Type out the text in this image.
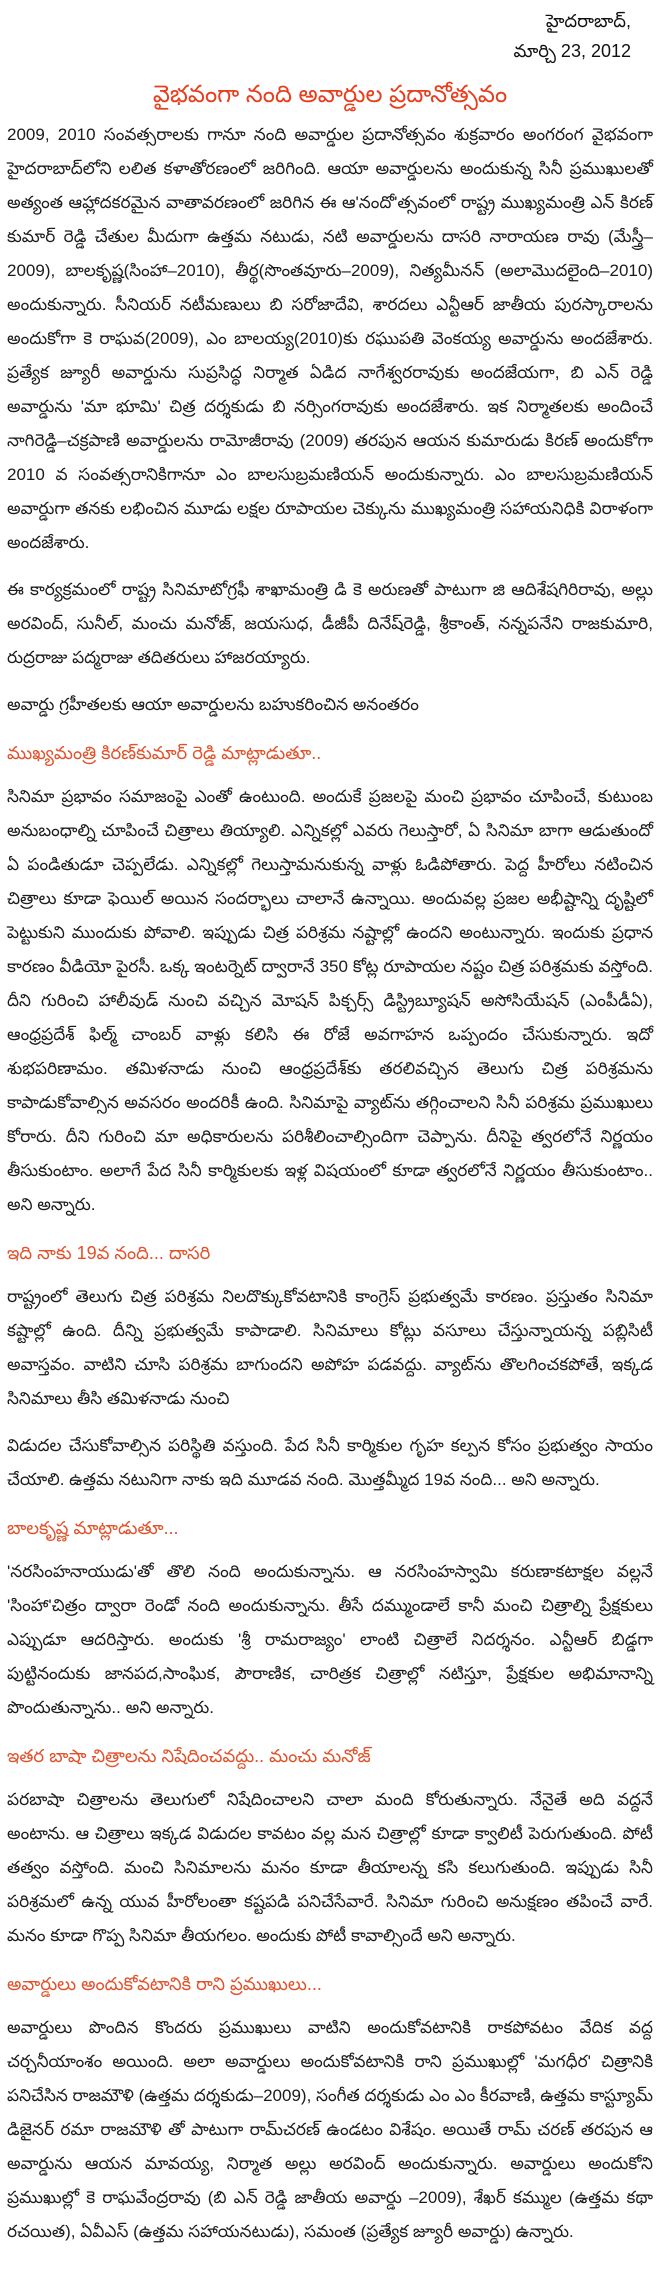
హైదరాబాద్,
మార్చి 23, 2012
వైభవంగా నంది అవార్డుల ప్రదానోత్సవం

2009, 2010 సంవత్సరాలకు గానూ నంది అవార్డుల ప్రదానోత్సవం శుక్రవారం అంగరంగ వైభవంగా హైదరాబాద్‌లోని లలిత కళాతోరణంలో జరిగింది. ఆయా అవార్డులను అందుకున్న సినీ ప్రముఖులతో అత్యంత ఆహ్లాదకరమైన వాతావరణంలో జరిగిన ఈ ఆ'నందో'త్సవంలో రాష్ట్ర ముఖ్యమంత్రి ఎన్ కిరణ్ కుమార్ రెడ్డి చేతుల మీదుగా ఉత్తమ నటుడు, నటి అవార్డులను దాసరి నారాయణ రావు (మేస్త్రీ–2009), బాలకృష్ణ(సింహా–2010), తీర్థ(సొంతవూరు–2009), నిత్యమీనన్ (అలామొదలైంది–2010) అందుకున్నారు. సీనియర్ నటీమణులు బి సరోజాదేవి, శారదలు ఎన్టీఆర్ జాతీయ పురస్కారాలను అందుకోగా కె రాఘవ(2009), ఎం బాలయ్య(2010)కు రఘుపతి వెంకయ్య అవార్డును అందజేశారు. ప్రత్యేక జ్యూరీ అవార్డును సుప్రసిద్ధ నిర్మాత ఏడిద నాగేశ్వరరావుకు అందజేయగా, బి ఎన్ రెడ్డి అవార్డును 'మా భూమి' చిత్ర దర్శకుడు బి నర్సింగరావుకు అందజేశారు. ఇక నిర్మాతలకు అందించే నాగిరెడ్డి–చక్రపాణి అవార్డులను రామోజీరావు (2009) తరపున ఆయన కుమారుడు కిరణ్ అందుకోగా 2010 వ సంవత్సరానికిగానూ ఎం బాలసుబ్రమణియన్ అందుకున్నారు. ఎం బాలసుబ్రమణియన్ అవార్డుగా తనకు లభించిన మూడు లక్షల రూపాయల చెక్కును ముఖ్యమంత్రి సహాయనిధికి విరాళంగా అందజేశారు.

ఈ కార్యక్రమంలో రాష్ట్ర సినిమాటోగ్రఫీ శాఖామంత్రి డి కె అరుణతో పాటుగా జి ఆదిశేషగిరిరావు, అల్లు అరవింద్, సునీల్, మంచు మనోజ్, జయసుధ, డీజీపీ దినేష్‌రెడ్డి, శ్రీకాంత్, నన్నపనేని రాజకుమారి, రుద్రరాజు పద్మరాజు తదితరులు హాజరయ్యారు.

అవార్డు గ్రహీతలకు ఆయా అవార్డులను బహుకరించిన అనంతరం

ముఖ్యమంత్రి కిరణ్‌కుమార్ రెడ్డి మాట్లాడుతూ..

సినిమా ప్రభావం సమాజంపై ఎంతో ఉంటుంది. అందుకే ప్రజలపై మంచి ప్రభావం చూపించే, కుటుంబ అనుబంధాల్ని చూపించే చిత్రాలు తియ్యాలి. ఎన్నికల్లో ఎవరు గెలుస్తారో, ఏ సినిమా బాగా ఆడుతుందో ఏ పండితుడూ చెప్పలేడు. ఎన్నికల్లో గెలుస్తామనుకున్న వాళ్లు ఓడిపోతారు. పెద్ద హీరోలు నటించిన చిత్రాలు కూడా ఫెయిల్ అయిన సందర్భాలు చాలానే ఉన్నాయి. అందువల్ల ప్రజల అభీష్టాన్ని దృష్టిలో పెట్టుకుని ముందుకు పోవాలి. ఇప్పుడు చిత్ర పరిశ్రమ నష్టాల్లో ఉందని అంటున్నారు. ఇందుకు ప్రధాన కారణం వీడియో పైరసీ. ఒక్క ఇంటర్నెట్ ద్వారానే 350 కోట్ల రూపాయల నష్టం చిత్ర పరిశ్రమకు వస్తోంది. దీని గురించి హాలీవుడ్ నుంచి వచ్చిన మోషన్ పిక్చర్స్ డిస్ట్రిబ్యూషన్ అసోసియేషన్ (ఎంపీడీఏ), ఆంధ్రప్రదేశ్ ఫిల్మ్ చాంబర్ వాళ్లు కలిసి ఈ రోజే అవగాహన ఒప్పందం చేసుకున్నారు. ఇదో శుభపరిణామం. తమిళనాడు నుంచి ఆంధ్రప్రదేశ్‌కు తరలివచ్చిన తెలుగు చిత్ర పరిశ్రమను కాపాడుకోవాల్సిన అవసరం అందరికీ ఉంది. సినిమాపై వ్యాట్‌ను తగ్గించాలని సినీ పరిశ్రమ ప్రముఖులు కోరారు. దీని గురించి మా అధికారులను పరిశీలించాల్సిందిగా చెప్పాను. దీనిపై త్వరలోనే నిర్ణయం తీసుకుంటాం. అలాగే పేద సినీ కార్మికులకు ఇళ్ల విషయంలో కూడా త్వరలోనే నిర్ణయం తీసుకుంటాం.. అని అన్నారు.

ఇది నాకు 19వ నంది... దాసరి

రాష్ట్రంలో తెలుగు చిత్ర పరిశ్రమ నిలదొక్కుకోవటానికి కాంగ్రెస్ ప్రభుత్వమే కారణం. ప్రస్తుతం సినిమా కష్టాల్లో ఉంది. దీన్ని ప్రభుత్వమే కాపాడాలి. సినిమాలు కోట్లు వసూలు చేస్తున్నాయన్న పబ్లిసిటీ అవాస్తవం. వాటిని చూసి పరిశ్రమ బాగుందని అపోహ పడవద్దు. వ్యాట్‌ను తొలగించకపోతే, ఇక్కడ సినిమాలు తీసి తమిళనాడు నుంచి

విడుదల చేసుకోవాల్సిన పరిస్థితి వస్తుంది. పేద సినీ కార్మికుల గృహ కల్పన కోసం ప్రభుత్వం సాయం చేయాలి. ఉత్తమ నటునిగా నాకు ఇది మూడవ నంది. మొత్తమ్మీద 19వ నంది... అని అన్నారు.

బాలకృష్ణ మాట్లాడుతూ...

'నరసింహనాయుడు'తో తొలి నంది అందుకున్నాను. ఆ నరసింహస్వామి కరుణాకటాక్షల వల్లనే 'సింహా'చిత్రం ద్వారా రెండో నంది అందుకున్నాను. తీసే దమ్ముండాలే కానీ మంచి చిత్రాల్ని ప్రేక్షకులు ఎప్పుడూ ఆదరిస్తారు. అందుకు 'శ్రీ రామరాజ్యం' లాంటి చిత్రాలే నిదర్శనం. ఎన్టీఆర్ బిడ్డగా పుట్టినందుకు జానపద,సాంఘిక, పౌరాణిక, చారిత్రక చిత్రాల్లో నటిస్తూ, ప్రేక్షకుల అభిమానాన్ని పొందుతున్నాను.. అని అన్నారు.

ఇతర బాషా చిత్రాలను నిషేదించవద్దు.. మంచు మనోజ్

పరబాషా చిత్రాలను తెలుగులో నిషేదించాలని చాలా మంది కోరుతున్నారు. నేనైతే అది వద్దనే అంటాను. ఆ చిత్రాలు ఇక్కడ విడుదల కావటం వల్ల మన చిత్రాల్లో కూడా క్వాలిటీ పెరుగుతుంది. పోటీ తత్వం వస్తోంది. మంచి సినిమాలను మనం కూడా తీయాలన్న కసి కలుగుతుంది. ఇప్పుడు సినీ పరిశ్రమలో ఉన్న యువ హీరోలంతా కష్టపడి పనిచేసేవారే. సినిమా గురించి అనుక్షణం తపించే వారే. మనం కూడా గొప్ప సినిమా తీయగలం. అందుకు పోటీ కావాల్సిందే అని అన్నారు.

అవార్డులు అందుకోవటానికి రాని ప్రముఖులు...

అవార్డులు పొందిన కొందరు ప్రముఖులు వాటిని అందుకోవటానికి రాకపోవటం వేదిక వద్ద చర్చనీయాంశం అయింది. అలా అవార్డులు అందుకోవటానికి రాని ప్రముఖుల్లో 'మగధీర' చిత్రానికి పనిచేసిన రాజమౌళి (ఉత్తమ దర్శకుడు–2009), సంగీత దర్శకుడు ఎం ఎం కీరవాణి, ఉత్తమ కాస్ట్యూమ్ డిజైనర్ రమా రాజమౌళి తో పాటుగా రామ్‌చరణ్ ఉండటం విశేషం. అయితే రామ్ చరణ్ తరపున ఆ అవార్డును ఆయన మావయ్య, నిర్మాత అల్లు అరవింద్ అందుకున్నారు. అవార్డులు అందుకోని ప్రముఖుల్లో కె రాఘవేంద్రరావు (బి ఎన్ రెడ్డి జాతీయ అవార్డు –2009), శేఖర్ కమ్ముల (ఉత్తమ కథా రచయిత), ఏవీఎస్ (ఉత్తమ సహాయనటుడు), సమంత (ప్రత్యేక జ్యూరీ అవార్డు) ఉన్నారు.
